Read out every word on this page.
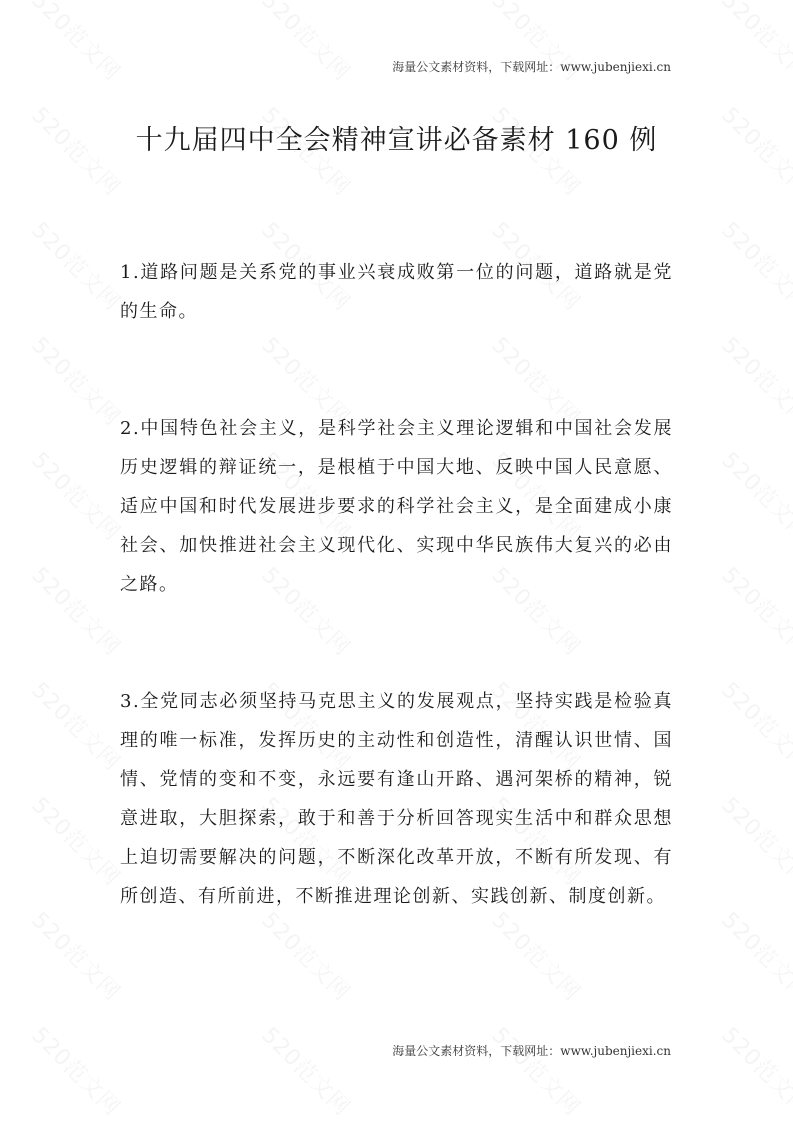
海量公文素材资料，下载网址：www.jubenjiexi.cn
十九届四中全会精神宣讲必备素材 160 例

1.道路问题是关系党的事业兴衰成败第一位的问题，道路就是党的生命。

2.中国特色社会主义，是科学社会主义理论逻辑和中国社会发展历史逻辑的辩证统一，是根植于中国大地、反映中国人民意愿、适应中国和时代发展进步要求的科学社会主义，是全面建成小康社会、加快推进社会主义现代化、实现中华民族伟大复兴的必由之路。

3.全党同志必须坚持马克思主义的发展观点，坚持实践是检验真理的唯一标准，发挥历史的主动性和创造性，清醒认识世情、国情、党情的变和不变，永远要有逢山开路、遇河架桥的精神，锐意进取，大胆探索，敢于和善于分析回答现实生活中和群众思想上迫切需要解决的问题，不断深化改革开放，不断有所发现、有所创造、有所前进，不断推进理论创新、实践创新、制度创新。

海量公文素材资料，下载网址：www.jubenjiexi.cn
